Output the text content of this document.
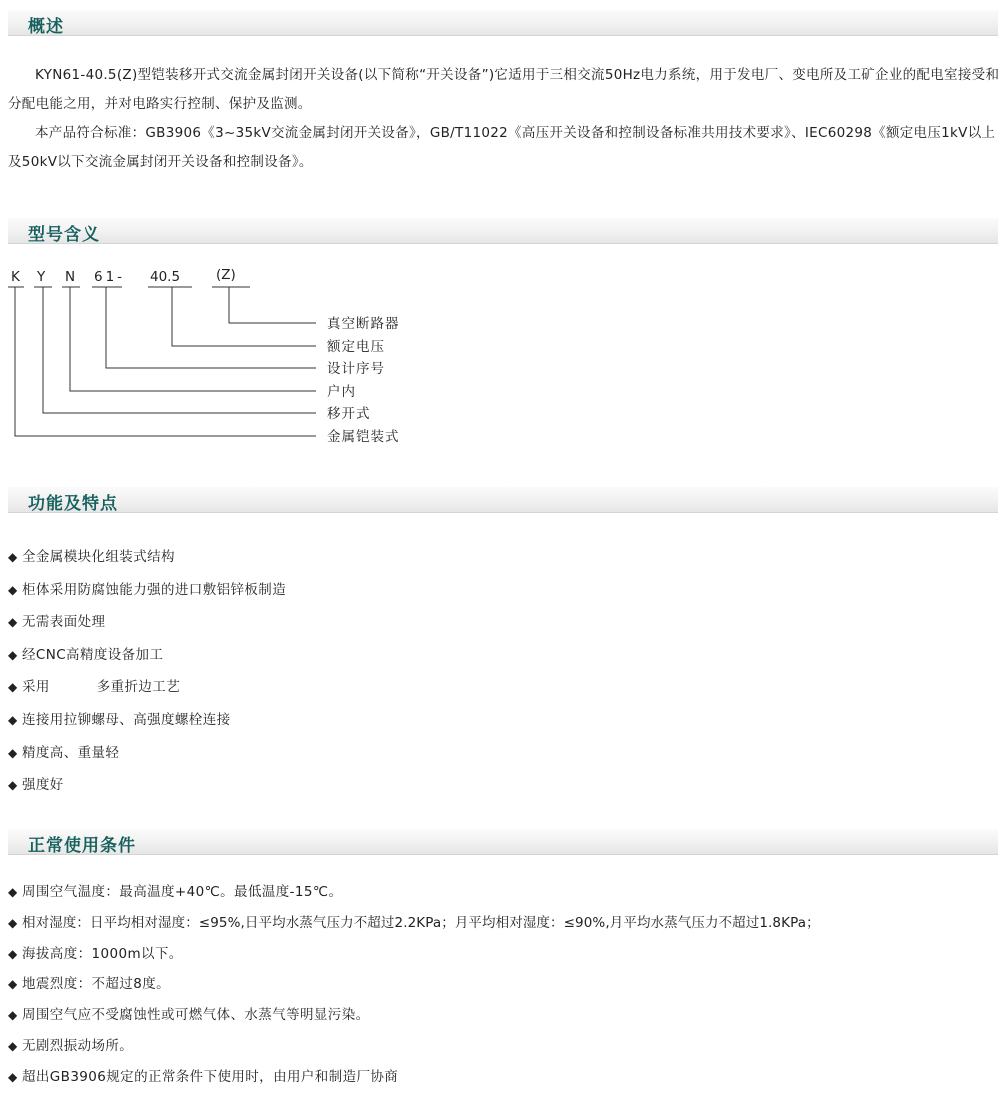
概述

KYN61-40.5(Z)型铠装移开式交流金属封闭开关设备(以下简称“开关设备”)它适用于三相交流50Hz电力系统，用于发电厂、变电所及工矿企业的配电室接受和分配电能之用，并对电路实行控制、保护及监测。

本产品符合标准：GB3906《3~35kV交流金属封闭开关设备》，GB/T11022《高压开关设备和控制设备标准共用技术要求》、IEC60298《额定电压1kV以上及50kV以下交流金属封闭开关设备和控制设备》。

型号含义
K Y N 61- 40.5	(Z)
真空断路器
额定电压
设计序号
户内
移开式
金属铠装式
功能及特点
◆ 全金属模块化组装式结构
◆ 柜体采用防腐蚀能力强的进口敷铝锌板制造
◆ 无需表面处理
◆ 经CNC高精度设备加工
◆ 采用          多重折边工艺
◆ 连接用拉铆螺母、高强度螺栓连接
◆ 精度高、重量轻
◆ 强度好
正常使用条件
◆ 周围空气温度：最高温度+40℃。最低温度-15℃。
◆ 相对湿度：日平均相对湿度：≤95%,日平均水蒸气压力不超过2.2KPa；月平均相对湿度：≤90%,月平均水蒸气压力不超过1.8KPa；
◆ 海拔高度：1000m以下。
◆ 地震烈度：不超过8度。
◆ 周围空气应不受腐蚀性或可燃气体、水蒸气等明显污染。
◆ 无剧烈振动场所。
◆ 超出GB3906规定的正常条件下使用时，由用户和制造厂协商
